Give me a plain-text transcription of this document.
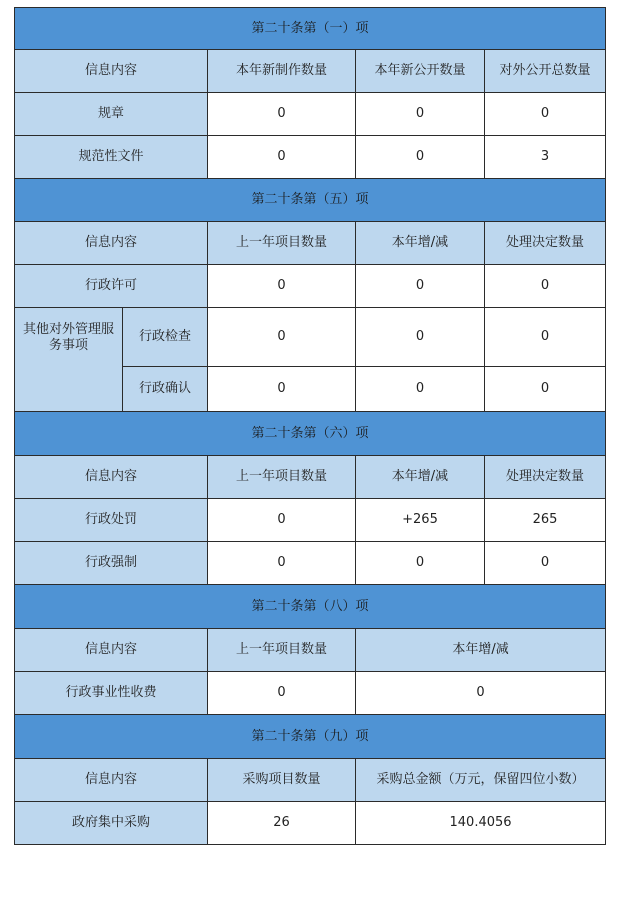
第二十条第（一）项				
信息内容		本年新制作数量	本年新公开数量	对外公开总数量
规章		0	0	0
规范性文件		0	0	3
第二十条第（五）项				
信息内容		上一年项目数量	本年增/减	处理决定数量
行政许可		0	0	0
其他对外管理服务事项	行政检查	0	0	0
	行政确认	0	0	0
第二十条第（六）项				
信息内容		上一年项目数量	本年增/减	处理决定数量
行政处罚		0	+265	265
行政强制		0	0	0
第二十条第（八）项				
信息内容		上一年项目数量	本年增/减	
行政事业性收费		0	0	
第二十条第（九）项				
信息内容		采购项目数量	采购总金额（万元，保留四位小数）	
政府集中采购		26	140.4056	
